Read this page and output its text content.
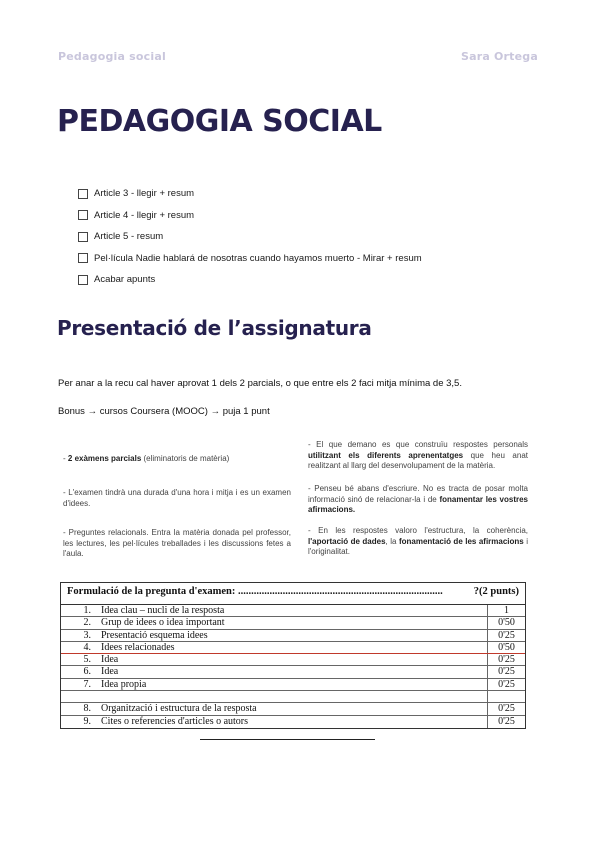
Pedagogia social	Sara Ortega
PEDAGOGIA SOCIAL
Article 3 - llegir + resum
Article 4 - llegir + resum
Article 5 - resum
Pel·lícula Nadie hablará de nosotras cuando hayamos muerto - Mirar + resum
Acabar apunts
Presentació de l’assignatura

Per anar a la recu cal haver aprovat 1 dels 2 parcials, o que entre els 2 faci mitja mínima de 3,5.

Bonus → cursos Coursera (MOOC) → puja 1 punt

- 2 exàmens parcials (eliminatoris de matèria)
- L'examen tindrà una durada d'una hora i mitja i es un examen d'idees.
- Preguntes relacionals. Entra la matèria donada pel professor, les lectures, les pel·lícules treballades i les discussions fetes a l'aula.
- El que demano es que construïu respostes personals utilitzant els diferents aprenentatges que heu anat realitzant al llarg del desenvolupament de la matèria.
- Penseu bé abans d'escriure. No es tracta de posar molta informació sinó de relacionar-la i de fonamentar les vostres afirmacions.
- En les respostes valoro l'estructura, la coherència, l'aportació de dades, la fonamentació de les afirmacions i l'originalitat.
Formulació de la pregunta d'examen: ..............................................................................	?(2 punts)
1.	Idea clau – nucli de la resposta	1
2.	Grup de idees o idea important	0'50
3.	Presentació esquema idees	0'25
4.	Idees relacionades	0'50
5.	Idea	0'25
6.	Idea	0'25
7.	Idea propia	0'25
8.	Organització i estructura de la resposta	0'25
9.	Cites o referencies d'articles o autors	0'25
